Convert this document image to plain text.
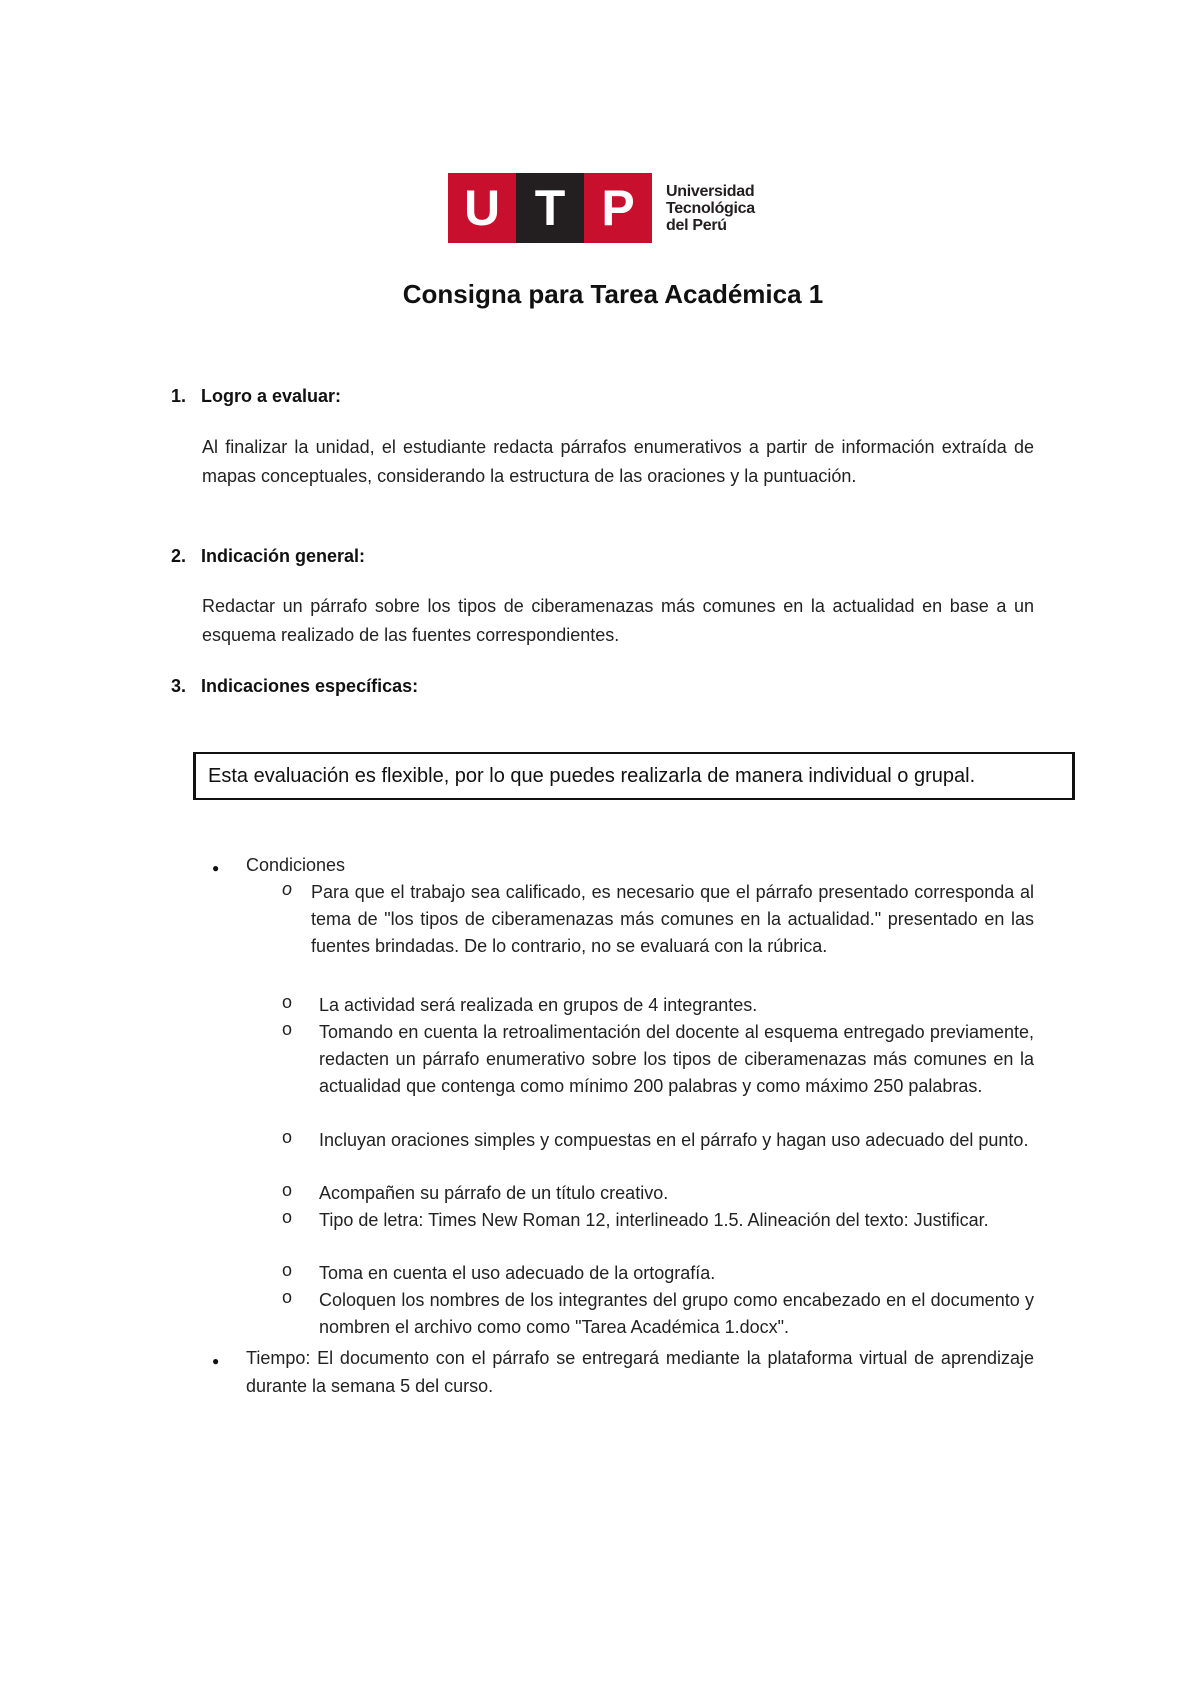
U T P	Universidad
Tecnológica
del Perú
Consigna para Tarea Académica 1
1. Logro a evaluar:
Al finalizar la unidad, el estudiante redacta párrafos enumerativos a partir de información extraída de mapas conceptuales, considerando la estructura de las oraciones y la puntuación.
2. Indicación general:
Redactar un párrafo sobre los tipos de ciberamenazas más comunes en la actualidad en base a un esquema realizado de las fuentes correspondientes.
3. Indicaciones específicas:
Esta evaluación es flexible, por lo que puedes realizarla de manera individual o grupal.
● Condiciones
o Para que el trabajo sea calificado, es necesario que el párrafo presentado corresponda al tema de "los tipos de ciberamenazas más comunes en la actualidad." presentado en las fuentes brindadas. De lo contrario, no se evaluará con la rúbrica.
o La actividad será realizada en grupos de 4 integrantes.
o Tomando en cuenta la retroalimentación del docente al esquema entregado previamente, redacten un párrafo enumerativo sobre los tipos de ciberamenazas más comunes en la actualidad que contenga como mínimo 200 palabras y como máximo 250 palabras.
o Incluyan oraciones simples y compuestas en el párrafo y hagan uso adecuado del punto.
o Acompañen su párrafo de un título creativo.
o Tipo de letra: Times New Roman 12, interlineado 1.5. Alineación del texto: Justificar.
o Toma en cuenta el uso adecuado de la ortografía.
o Coloquen los nombres de los integrantes del grupo como encabezado en el documento y nombren el archivo como como "Tarea Académica 1.docx".
● Tiempo: El documento con el párrafo se entregará mediante la plataforma virtual de aprendizaje durante la semana 5 del curso.
